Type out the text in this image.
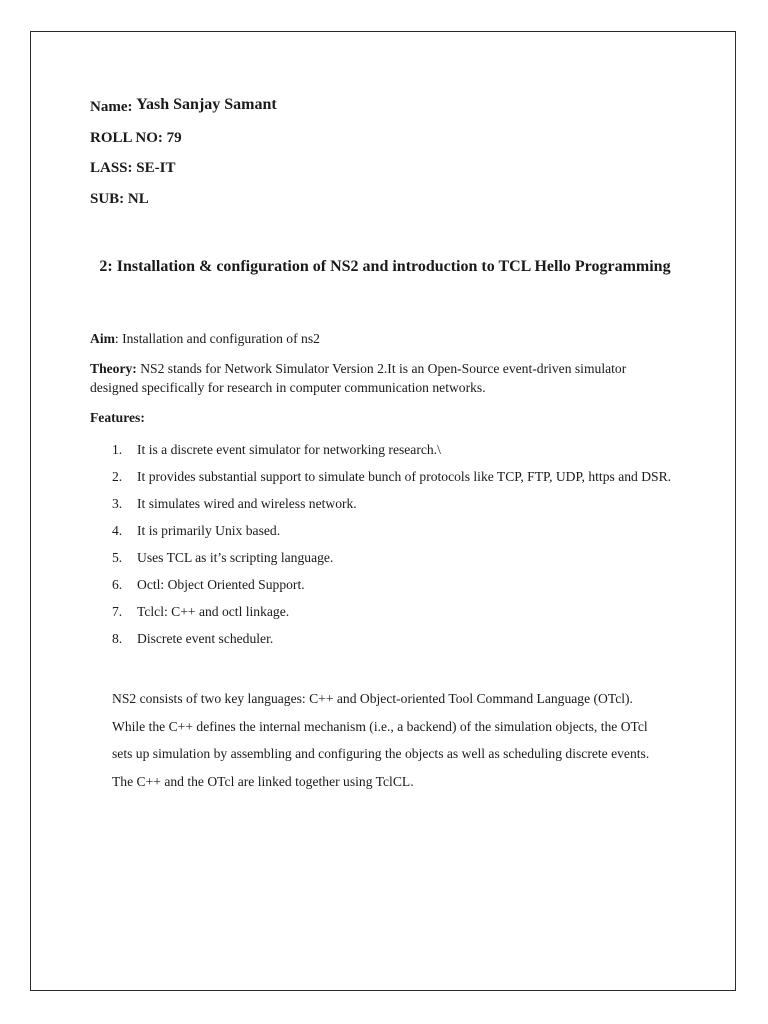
Name: Yash Sanjay Samant
ROLL NO: 79
LASS: SE-IT
SUB: NL
2: Installation & configuration of NS2 and introduction to TCL Hello Programming
Aim: Installation and configuration of ns2
Theory: NS2 stands for Network Simulator Version 2.It is an Open-Source event-driven simulator designed specifically for research in computer communication networks.
Features:
1. It is a discrete event simulator for networking research.\
2. It provides substantial support to simulate bunch of protocols like TCP, FTP, UDP, https and DSR.
3. It simulates wired and wireless network.
4. It is primarily Unix based.
5. Uses TCL as it’s scripting language.
6. Octl: Object Oriented Support.
7. Tclcl: C++ and octl linkage.
8. Discrete event scheduler.
NS2 consists of two key languages: C++ and Object-oriented Tool Command Language (OTcl). While the C++ defines the internal mechanism (i.e., a backend) of the simulation objects, the OTcl sets up simulation by assembling and configuring the objects as well as scheduling discrete events. The C++ and the OTcl are linked together using TclCL.
